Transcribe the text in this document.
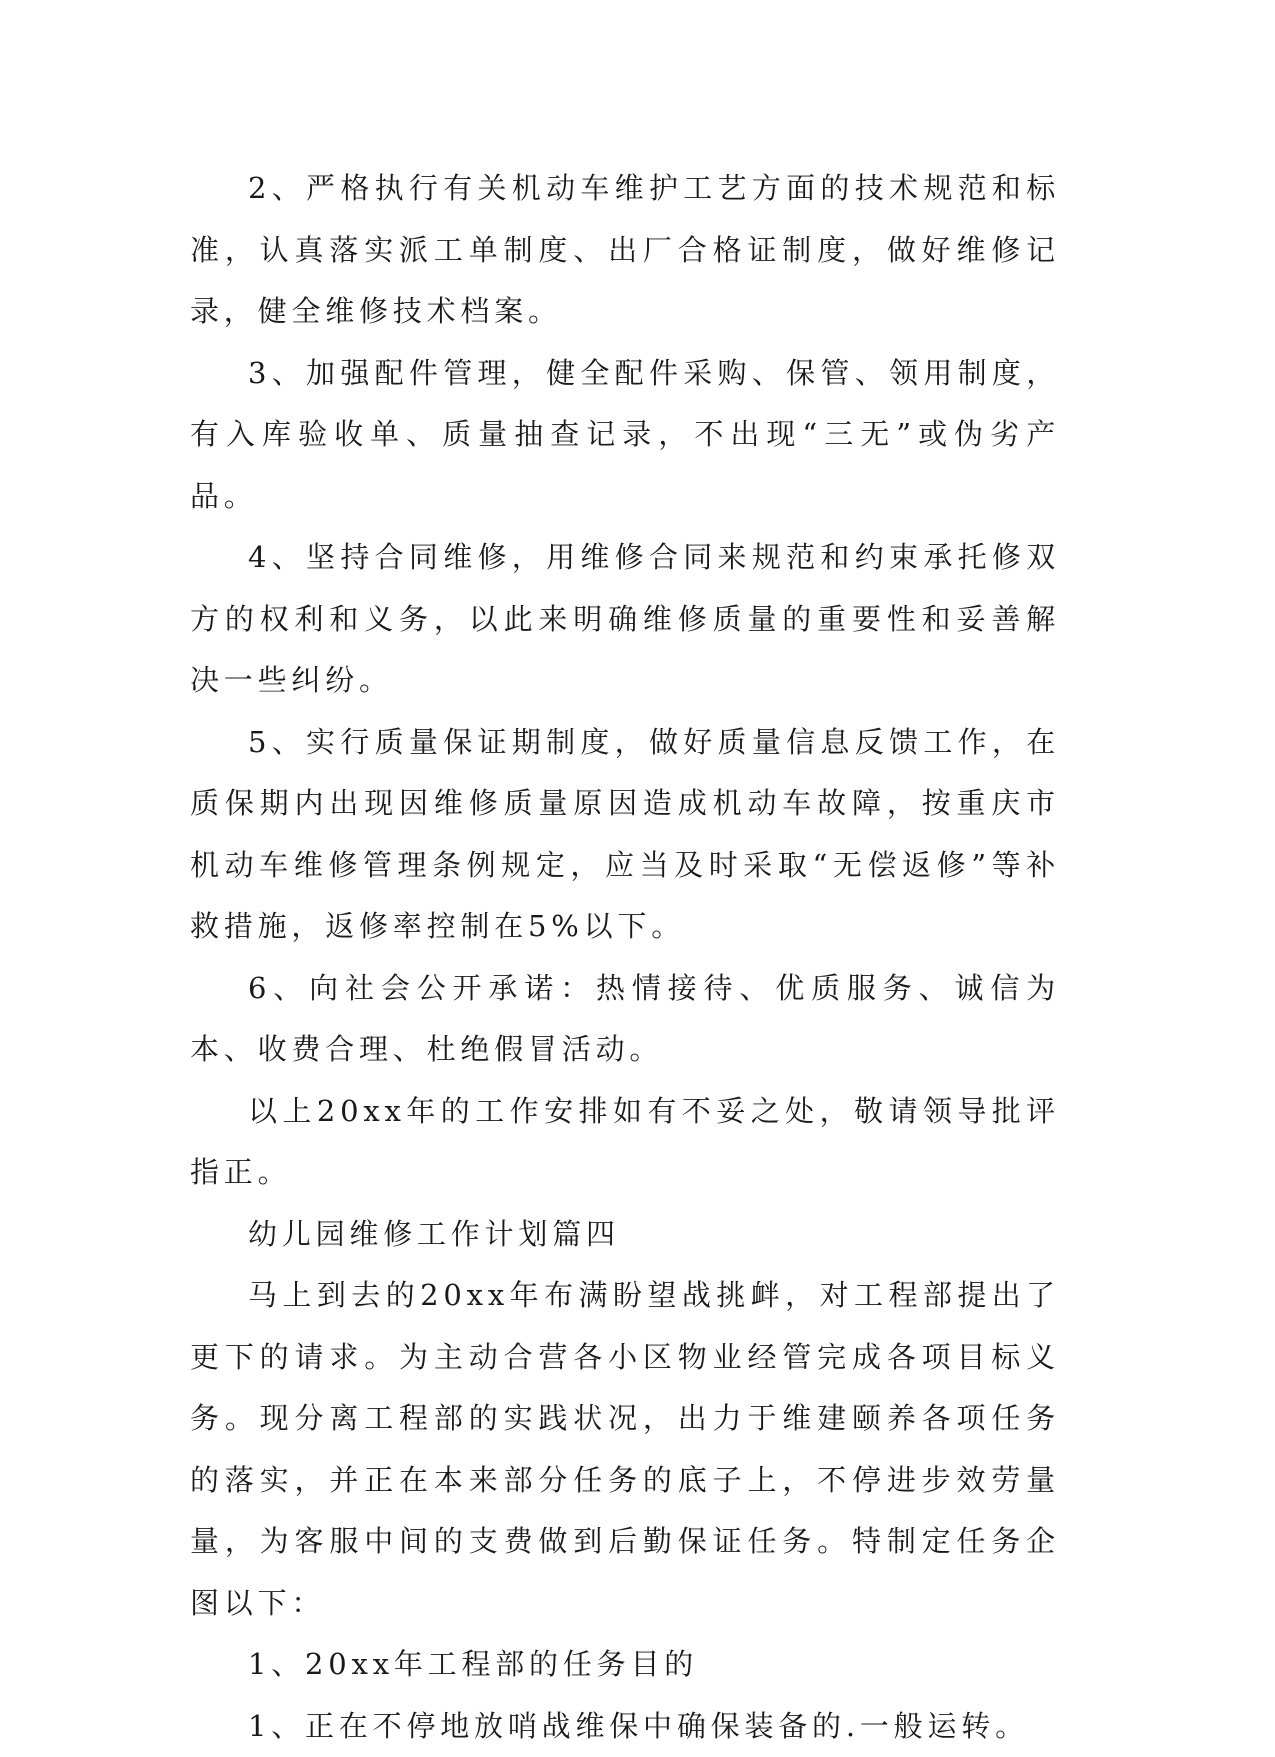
2、严格执行有关机动车维护工艺方面的技术规范和标准，认真落实派工单制度、出厂合格证制度，做好维修记录，健全维修技术档案。

3、加强配件管理，健全配件采购、保管、领用制度，有入库验收单、质量抽查记录，不出现“三无”或伪劣产品。

4、坚持合同维修，用维修合同来规范和约束承托修双方的权利和义务，以此来明确维修质量的重要性和妥善解决一些纠纷。

5、实行质量保证期制度，做好质量信息反馈工作，在质保期内出现因维修质量原因造成机动车故障，按重庆市机动车维修管理条例规定，应当及时采取“无偿返修”等补救措施，返修率控制在5%以下。

6、向社会公开承诺：热情接待、优质服务、诚信为本、收费合理、杜绝假冒活动。

以上20xx年的工作安排如有不妥之处，敬请领导批评指正。

幼儿园维修工作计划篇四

马上到去的20xx年布满盼望战挑衅，对工程部提出了更下的请求。为主动合营各小区物业经管完成各项目标义务。现分离工程部的实践状况，出力于维建颐养各项任务的落实，并正在本来部分任务的底子上，不停进步效劳量量，为客服中间的支费做到后勤保证任务。特制定任务企图以下：

1、20xx年工程部的任务目的

1、正在不停地放哨战维保中确保装备的.一般运转。
